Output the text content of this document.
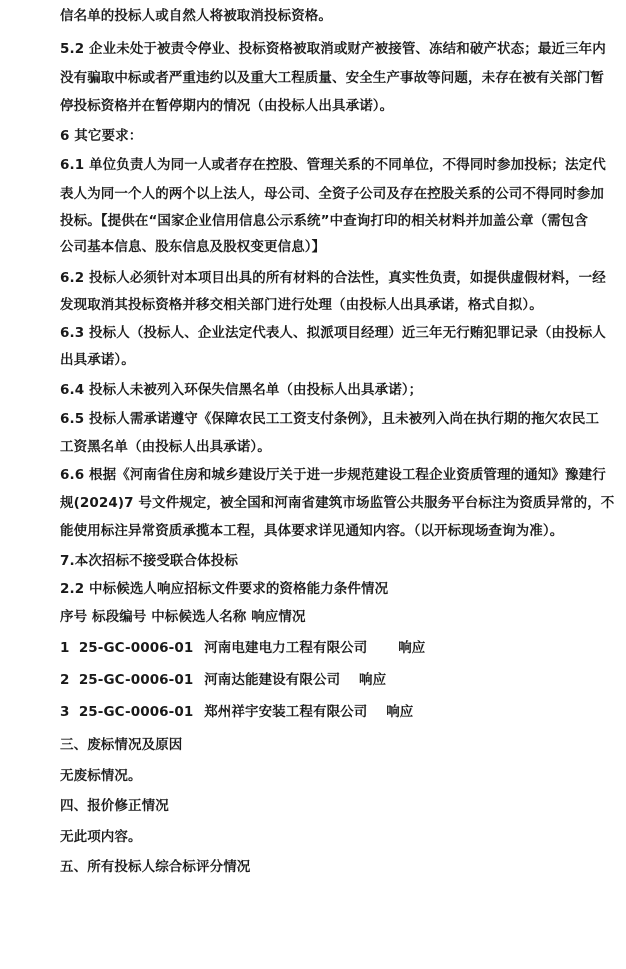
信名单的投标人或自然人将被取消投标资格。
5.2 企业未处于被责令停业、投标资格被取消或财产被接管、冻结和破产状态；最近三年内
没有骗取中标或者严重违约以及重大工程质量、安全生产事故等问题，未存在被有关部门暂
停投标资格并在暂停期内的情况（由投标人出具承诺）。
6 其它要求：
6.1 单位负责人为同一人或者存在控股、管理关系的不同单位，不得同时参加投标；法定代
表人为同一个人的两个以上法人，母公司、全资子公司及存在控股关系的公司不得同时参加
投标。【提供在“国家企业信用信息公示系统”中查询打印的相关材料并加盖公章（需包含
公司基本信息、股东信息及股权变更信息）】
6.2 投标人必须针对本项目出具的所有材料的合法性，真实性负责，如提供虚假材料，一经
发现取消其投标资格并移交相关部门进行处理（由投标人出具承诺，格式自拟）。
6.3 投标人（投标人、企业法定代表人、拟派项目经理）近三年无行贿犯罪记录（由投标人
出具承诺）。
6.4 投标人未被列入环保失信黑名单（由投标人出具承诺）；
6.5 投标人需承诺遵守《保障农民工工资支付条例》，且未被列入尚在执行期的拖欠农民工
工资黑名单（由投标人出具承诺）。
6.6 根据《河南省住房和城乡建设厅关于进一步规范建设工程企业资质管理的通知》豫建行
规(2024)7 号文件规定，被全国和河南省建筑市场监管公共服务平台标注为资质异常的，不
能使用标注异常资质承揽本工程，具体要求详见通知内容。（以开标现场查询为准）。
7.本次招标不接受联合体投标
2.2 中标候选人响应招标文件要求的资格能力条件情况
序号 标段编号 中标候选人名称 响应情况
1 25-GC-0006-01 河南电建电力工程有限公司 响应
2 25-GC-0006-01 河南达能建设有限公司 响应
3 25-GC-0006-01 郑州祥宇安装工程有限公司 响应
三、废标情况及原因
无废标情况。
四、报价修正情况
无此项内容。
五、所有投标人综合标评分情况
